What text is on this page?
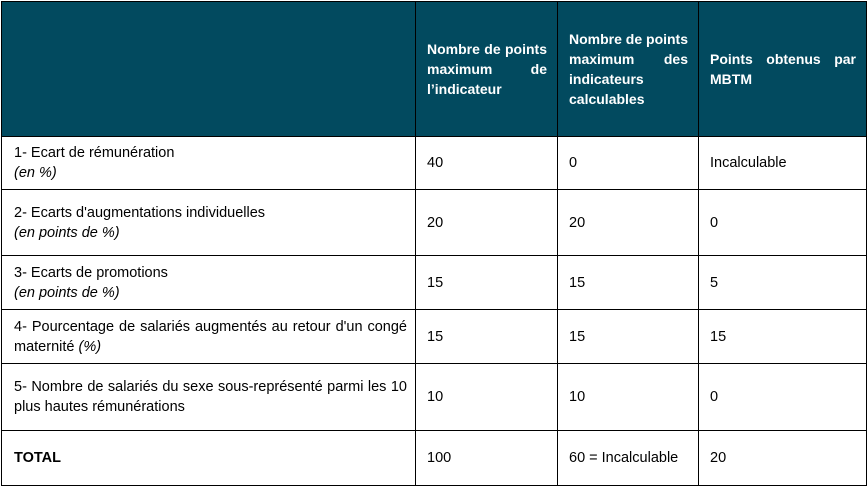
	Nombre de points maximum de l’indicateur	Nombre de points maximum des indicateurs calculables	Points obtenus par MBTM

1- Ecart de rémunération
(en %)	40	0	Incalculable

2- Ecarts d'augmentations individuelles
(en points de %)	20	20	0

3- Ecarts de promotions
(en points de %)	15	15	5

4- Pourcentage de salariés augmentés au retour d'un congé maternité (%)	15	15	15

5- Nombre de salariés du sexe sous-représenté parmi les 10 plus hautes rémunérations	10	10	0

TOTAL	100	60 = Incalculable	20
